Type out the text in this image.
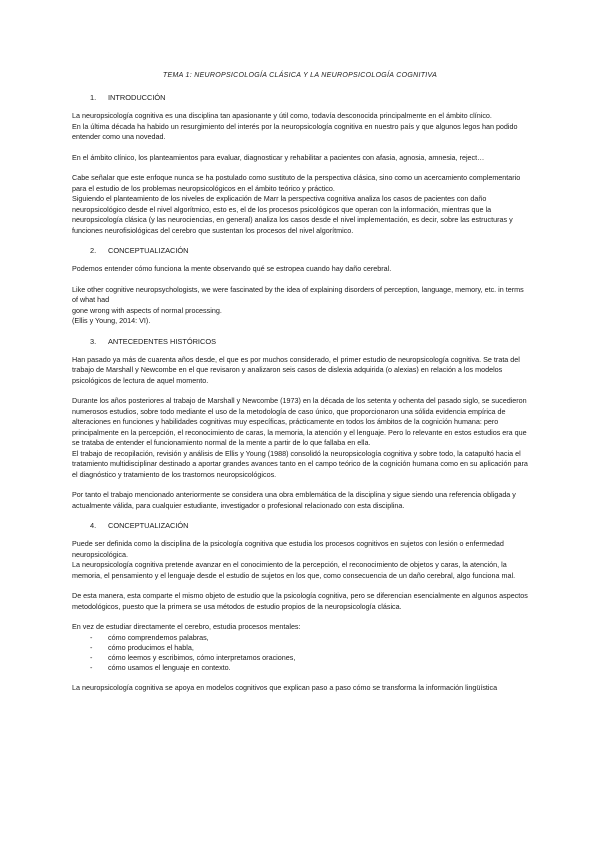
TEMA 1: NEUROPSICOLOGÍA CLÁSICA Y LA NEUROPSICOLOGÍA COGNITIVA
1.	INTRODUCCIÓN

La neuropsicología cognitiva es una disciplina tan apasionante y útil como, todavía desconocida principalmente en el ámbito clínico.

En la última década ha habido un resurgimiento del interés por la neuropsicología cognitiva en nuestro país y que algunos legos han podido entender como una novedad.

En el ámbito clínico, los planteamientos para evaluar, diagnosticar y rehabilitar a pacientes con afasia, agnosia, amnesia, reject…

Cabe señalar que este enfoque nunca se ha postulado como sustituto de la perspectiva clásica, sino como un acercamiento complementario para el estudio de los problemas neuropsicológicos en el ámbito teórico y práctico.

Siguiendo el planteamiento de los niveles de explicación de Marr la perspectiva cognitiva analiza los casos de pacientes con daño neuropsicológico desde el nivel algorítmico, esto es, el de los procesos psicológicos que operan con la información, mientras que la neuropsicología clásica (y las neurociencias, en general) analiza los casos desde el nivel implementación, es decir, sobre las estructuras y funciones neurofisiológicas del cerebro que sustentan los procesos del nivel algorítmico.

2.	CONCEPTUALIZACIÓN

Podemos entender cómo funciona la mente observando qué se estropea cuando hay daño cerebral.

Like other cognitive neuropsychologists, we were fascinated by the idea of explaining disorders of perception, language, memory, etc. in terms of what had

gone wrong with aspects of normal processing.

(Ellis y Young, 2014: VI).

3.	ANTECEDENTES HISTÓRICOS

Han pasado ya más de cuarenta años desde, el que es por muchos considerado, el primer estudio de neuropsicología cognitiva. Se trata del trabajo de Marshall y Newcombe en el que revisaron y analizaron seis casos de dislexia adquirida (o alexias) en relación a los modelos psicológicos de lectura de aquel momento.

Durante los años posteriores al trabajo de Marshall y Newcombe (1973) en la década de los setenta y ochenta del pasado siglo, se sucedieron numerosos estudios, sobre todo mediante el uso de la metodología de caso único, que proporcionaron una sólida evidencia empírica de alteraciones en funciones y habilidades cognitivas muy específicas, prácticamente en todos los ámbitos de la cognición humana: pero principalmente en la percepción, el reconocimiento de caras, la memoria, la atención y el lenguaje. Pero lo relevante en estos estudios era que se trataba de entender el funcionamiento normal de la mente a partir de lo que fallaba en ella.

El trabajo de recopilación, revisión y análisis de Ellis y Young (1988) consolidó la neuropsicología cognitiva y sobre todo, la catapultó hacia el tratamiento multidisciplinar destinado a aportar grandes avances tanto en el campo teórico de la cognición humana como en su aplicación para el diagnóstico y tratamiento de los trastornos neuropsicológicos.

Por tanto el trabajo mencionado anteriormente se considera una obra emblemática de la disciplina y sigue siendo una referencia obligada y actualmente válida, para cualquier estudiante, investigador o profesional relacionado con esta disciplina.

4.	CONCEPTUALIZACIÓN

Puede ser definida como la disciplina de la psicología cognitiva que estudia los procesos cognitivos en sujetos con lesión o enfermedad neuropsicológica.

La neuropsicología cognitiva pretende avanzar en el conocimiento de la percepción, el reconocimiento de objetos y caras, la atención, la memoria, el pensamiento y el lenguaje desde el estudio de sujetos en los que, como consecuencia de un daño cerebral, algo funciona mal.

De esta manera, esta comparte el mismo objeto de estudio que la psicología cognitiva, pero se diferencian esencialmente en algunos aspectos metodológicos, puesto que la primera se usa métodos de estudio propios de la neuropsicología clásica.

En vez de estudiar directamente el cerebro, estudia procesos mentales:

-	cómo comprendemos palabras,
-	cómo producimos el habla,
-	cómo leemos y escribimos, cómo interpretamos oraciones,
-	cómo usamos el lenguaje en contexto.

La neuropsicología cognitiva se apoya en modelos cognitivos que explican paso a paso cómo se transforma la información lingüística
